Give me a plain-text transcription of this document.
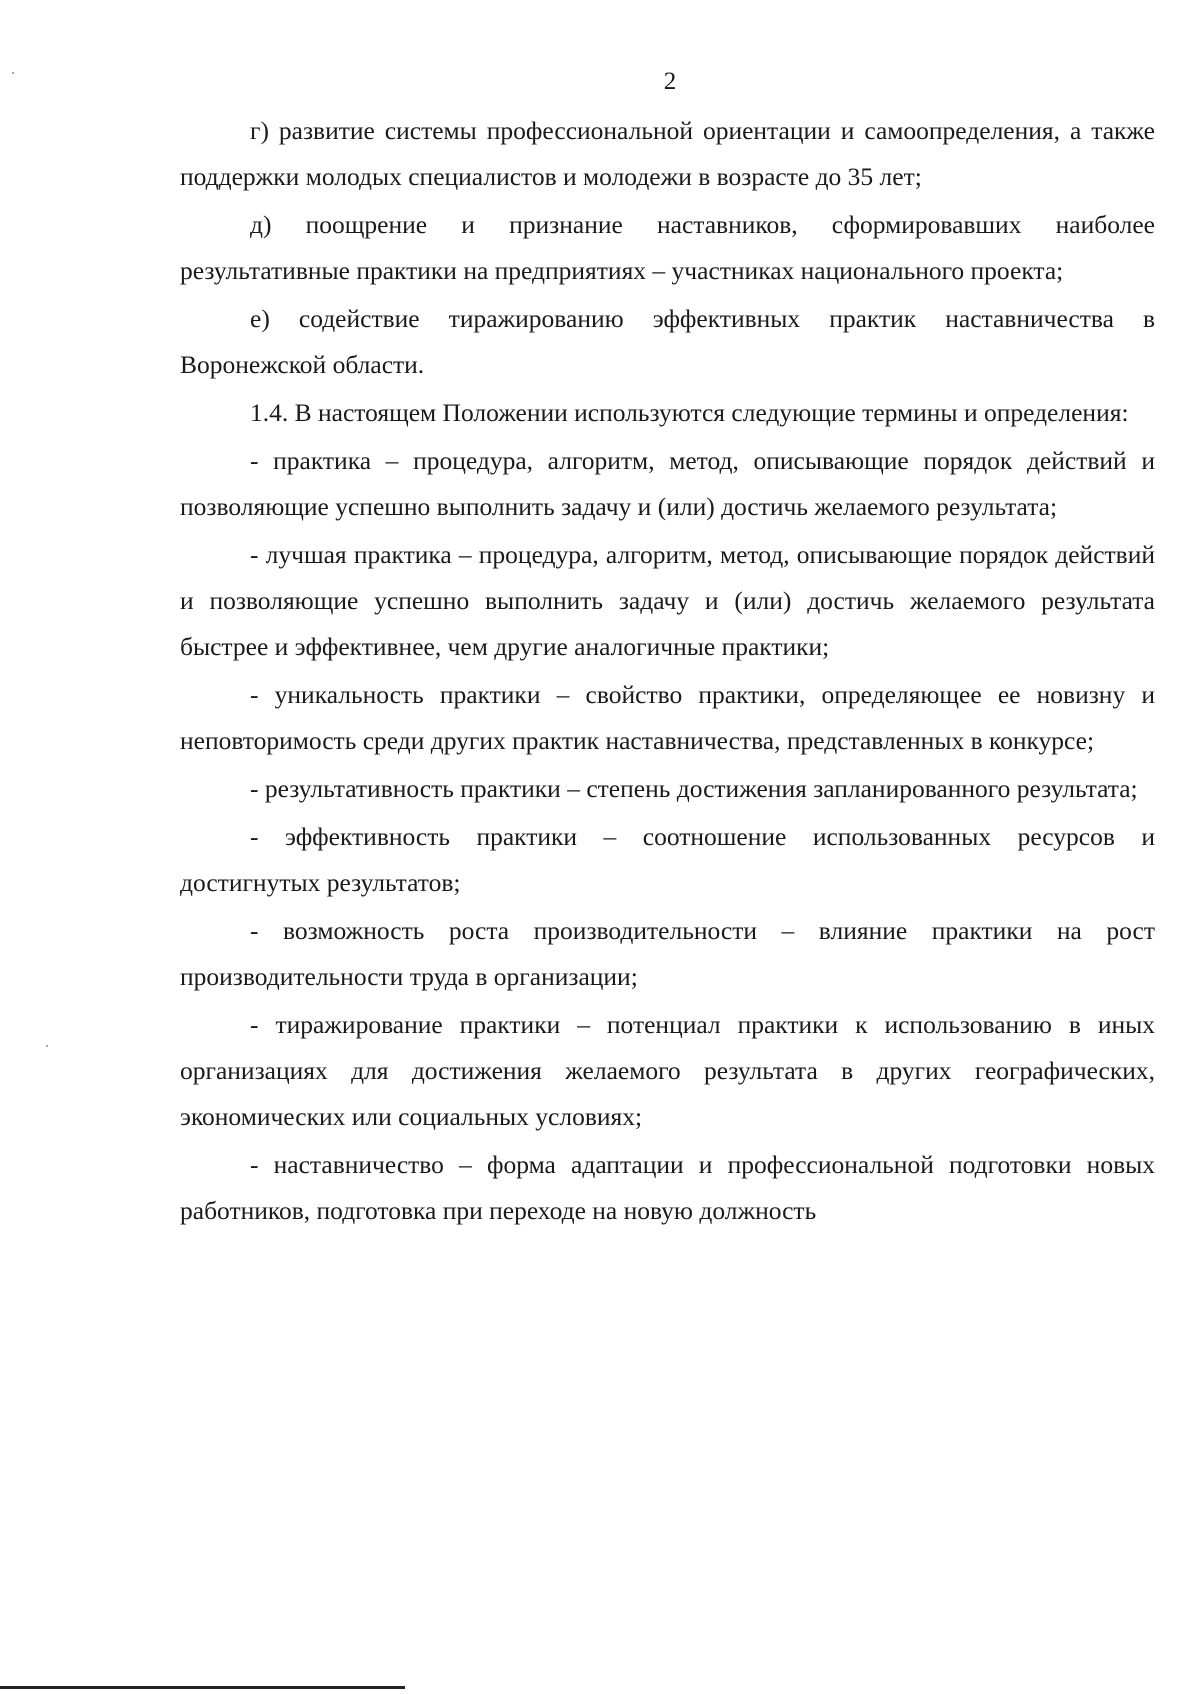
2

г) развитие системы профессиональной ориентации и самоопределения, а также поддержки молодых специалистов и молодежи в возрасте до 35 лет;

д) поощрение и признание наставников, сформировавших наиболее результативные практики на предприятиях – участниках национального проекта;

е) содействие тиражированию эффективных практик наставничества в Воронежской области.

1.4. В настоящем Положении используются следующие термины и определения:

- практика – процедура, алгоритм, метод, описывающие порядок действий и позволяющие успешно выполнить задачу и (или) достичь желаемого результата;

- лучшая практика – процедура, алгоритм, метод, описывающие порядок действий и позволяющие успешно выполнить задачу и (или) достичь желаемого результата быстрее и эффективнее, чем другие аналогичные практики;

- уникальность практики – свойство практики, определяющее ее новизну и неповторимость среди других практик наставничества, представленных в конкурсе;

- результативность практики – степень достижения запланированного результата;

- эффективность практики – соотношение использованных ресурсов и достигнутых результатов;

- возможность роста производительности – влияние практики на рост производительности труда в организации;

- тиражирование практики – потенциал практики к использованию в иных организациях для достижения желаемого результата в других географических, экономических или социальных условиях;

- наставничество – форма адаптации и профессиональной подготовки новых работников, подготовка при переходе на новую должность
